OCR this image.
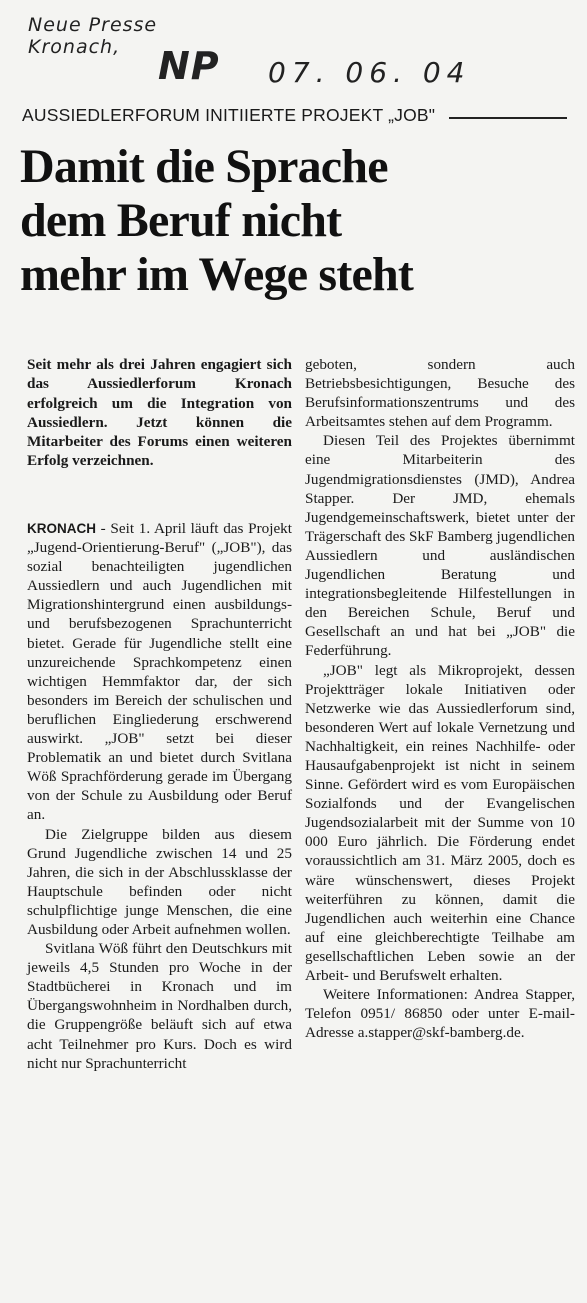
Neue Presse Kronach, NP 07. 06. 04
AUSSIEDLERFORUM INITIIERTE PROJEKT „JOB"
Damit die Sprache
dem Beruf nicht
mehr im Wege steht

Seit mehr als drei Jahren engagiert sich das Aussiedlerforum Kronach erfolgreich um die Integration von Aussiedlern. Jetzt können die Mitarbeiter des Forums einen weiteren Erfolg verzeichnen.

KRONACH - Seit 1. April läuft das Projekt „Jugend-Orientierung-Beruf" („JOB"), das sozial benachteiligten jugendlichen Aussiedlern und auch Jugendlichen mit Migrationshintergrund einen ausbildungs- und berufsbezogenen Sprachunterricht bietet. Gerade für Jugendliche stellt eine unzureichende Sprachkompetenz einen wichtigen Hemmfaktor dar, der sich besonders im Bereich der schulischen und beruflichen Eingliederung erschwerend auswirkt. „JOB" setzt bei dieser Problematik an und bietet durch Svitlana Wöß Sprachförderung gerade im Übergang von der Schule zu Ausbildung oder Beruf an.

Die Zielgruppe bilden aus diesem Grund Jugendliche zwischen 14 und 25 Jahren, die sich in der Abschlussklasse der Hauptschule befinden oder nicht schulpflichtige junge Menschen, die eine Ausbildung oder Arbeit aufnehmen wollen.

Svitlana Wöß führt den Deutschkurs mit jeweils 4,5 Stunden pro Woche in der Stadtbücherei in Kronach und im Übergangswohnheim in Nordhalben durch, die Gruppengröße beläuft sich auf etwa acht Teilnehmer pro Kurs. Doch es wird nicht nur Sprachunterricht

geboten, sondern auch Betriebsbesichtigungen, Besuche des Berufsinformationszentrums und des Arbeitsamtes stehen auf dem Programm.

Diesen Teil des Projektes übernimmt eine Mitarbeiterin des Jugendmigrationsdienstes (JMD), Andrea Stapper. Der JMD, ehemals Jugendgemeinschaftswerk, bietet unter der Trägerschaft des SkF Bamberg jugendlichen Aussiedlern und ausländischen Jugendlichen Beratung und integrationsbegleitende Hilfestellungen in den Bereichen Schule, Beruf und Gesellschaft an und hat bei „JOB" die Federführung.

„JOB" legt als Mikroprojekt, dessen Projektträger lokale Initiativen oder Netzwerke wie das Aussiedlerforum sind, besonderen Wert auf lokale Vernetzung und Nachhaltigkeit, ein reines Nachhilfe- oder Hausaufgabenprojekt ist nicht in seinem Sinne. Gefördert wird es vom Europäischen Sozialfonds und der Evangelischen Jugendsozialarbeit mit der Summe von 10 000 Euro jährlich. Die Förderung endet voraussichtlich am 31. März 2005, doch es wäre wünschenswert, dieses Projekt weiterführen zu können, damit die Jugendlichen auch weiterhin eine Chance auf eine gleichberechtigte Teilhabe am gesellschaftlichen Leben sowie an der Arbeit- und Berufswelt erhalten.

Weitere Informationen: Andrea Stapper, Telefon 0951/ 86850 oder unter E-mail-Adresse a.stapper@skf-bamberg.de.
